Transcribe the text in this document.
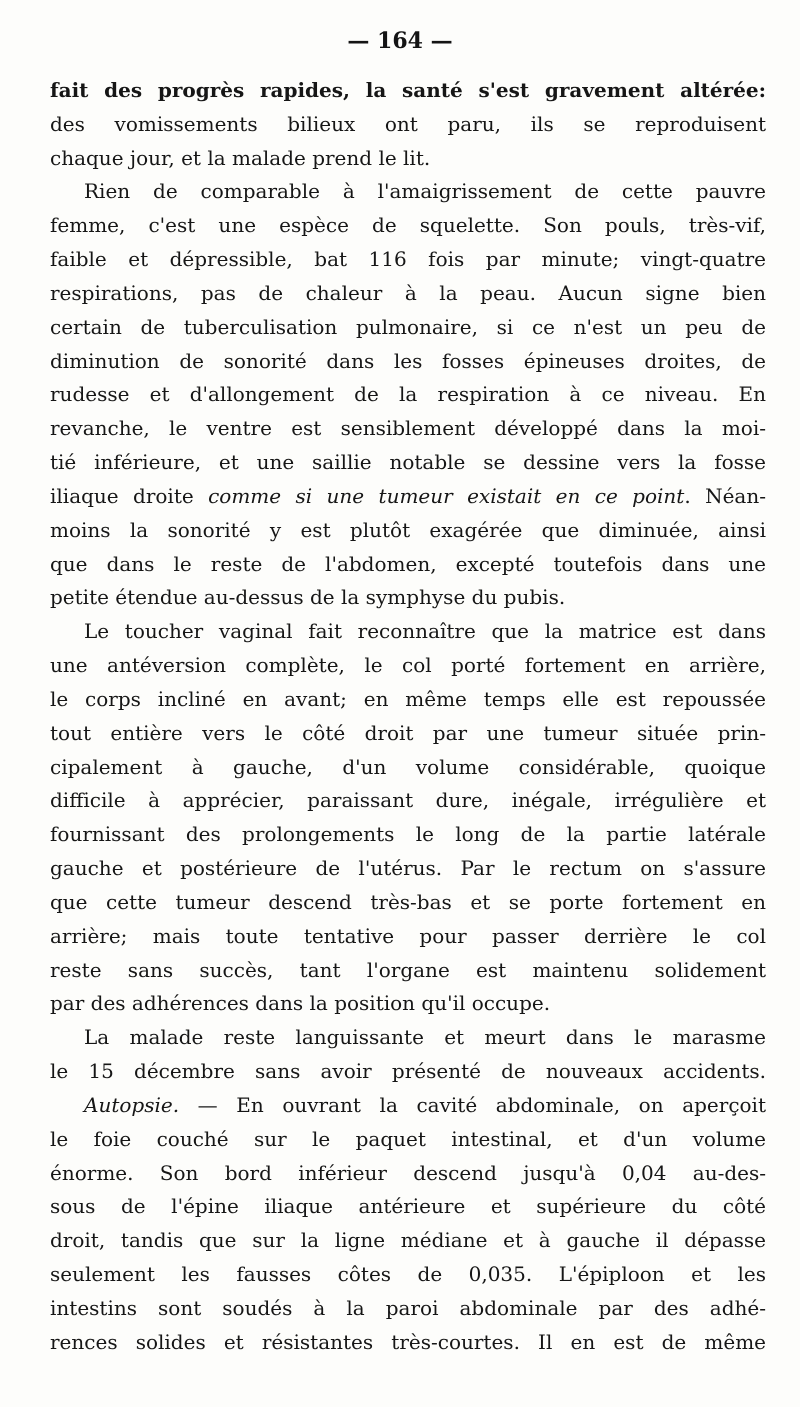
— 164 —
fait des progrès rapides, la santé s'est gravement altérée:
des vomissements bilieux ont paru, ils se reproduisent
chaque jour, et la malade prend le lit.
Rien de comparable à l'amaigrissement de cette pauvre
femme, c'est une espèce de squelette. Son pouls, très-vif,
faible et dépressible, bat 116 fois par minute; vingt-quatre
respirations, pas de chaleur à la peau. Aucun signe bien
certain de tuberculisation pulmonaire, si ce n'est un peu de
diminution de sonorité dans les fosses épineuses droites, de
rudesse et d'allongement de la respiration à ce niveau. En
revanche, le ventre est sensiblement développé dans la moi-
tié inférieure, et une saillie notable se dessine vers la fosse
iliaque droite comme si une tumeur existait en ce point. Néan-
moins la sonorité y est plutôt exagérée que diminuée, ainsi
que dans le reste de l'abdomen, excepté toutefois dans une
petite étendue au-dessus de la symphyse du pubis.
Le toucher vaginal fait reconnaître que la matrice est dans
une antéversion complète, le col porté fortement en arrière,
le corps incliné en avant; en même temps elle est repoussée
tout entière vers le côté droit par une tumeur située prin-
cipalement à gauche, d'un volume considérable, quoique
difficile à apprécier, paraissant dure, inégale, irrégulière et
fournissant des prolongements le long de la partie latérale
gauche et postérieure de l'utérus. Par le rectum on s'assure
que cette tumeur descend très-bas et se porte fortement en
arrière; mais toute tentative pour passer derrière le col
reste sans succès, tant l'organe est maintenu solidement
par des adhérences dans la position qu'il occupe.
La malade reste languissante et meurt dans le marasme
le 15 décembre sans avoir présenté de nouveaux accidents.
Autopsie. — En ouvrant la cavité abdominale, on aperçoit
le foie couché sur le paquet intestinal, et d'un volume
énorme. Son bord inférieur descend jusqu'à 0,04 au-des-
sous de l'épine iliaque antérieure et supérieure du côté
droit, tandis que sur la ligne médiane et à gauche il dépasse
seulement les fausses côtes de 0,035. L'épiploon et les
intestins sont soudés à la paroi abdominale par des adhé-
rences solides et résistantes très-courtes. Il en est de même
